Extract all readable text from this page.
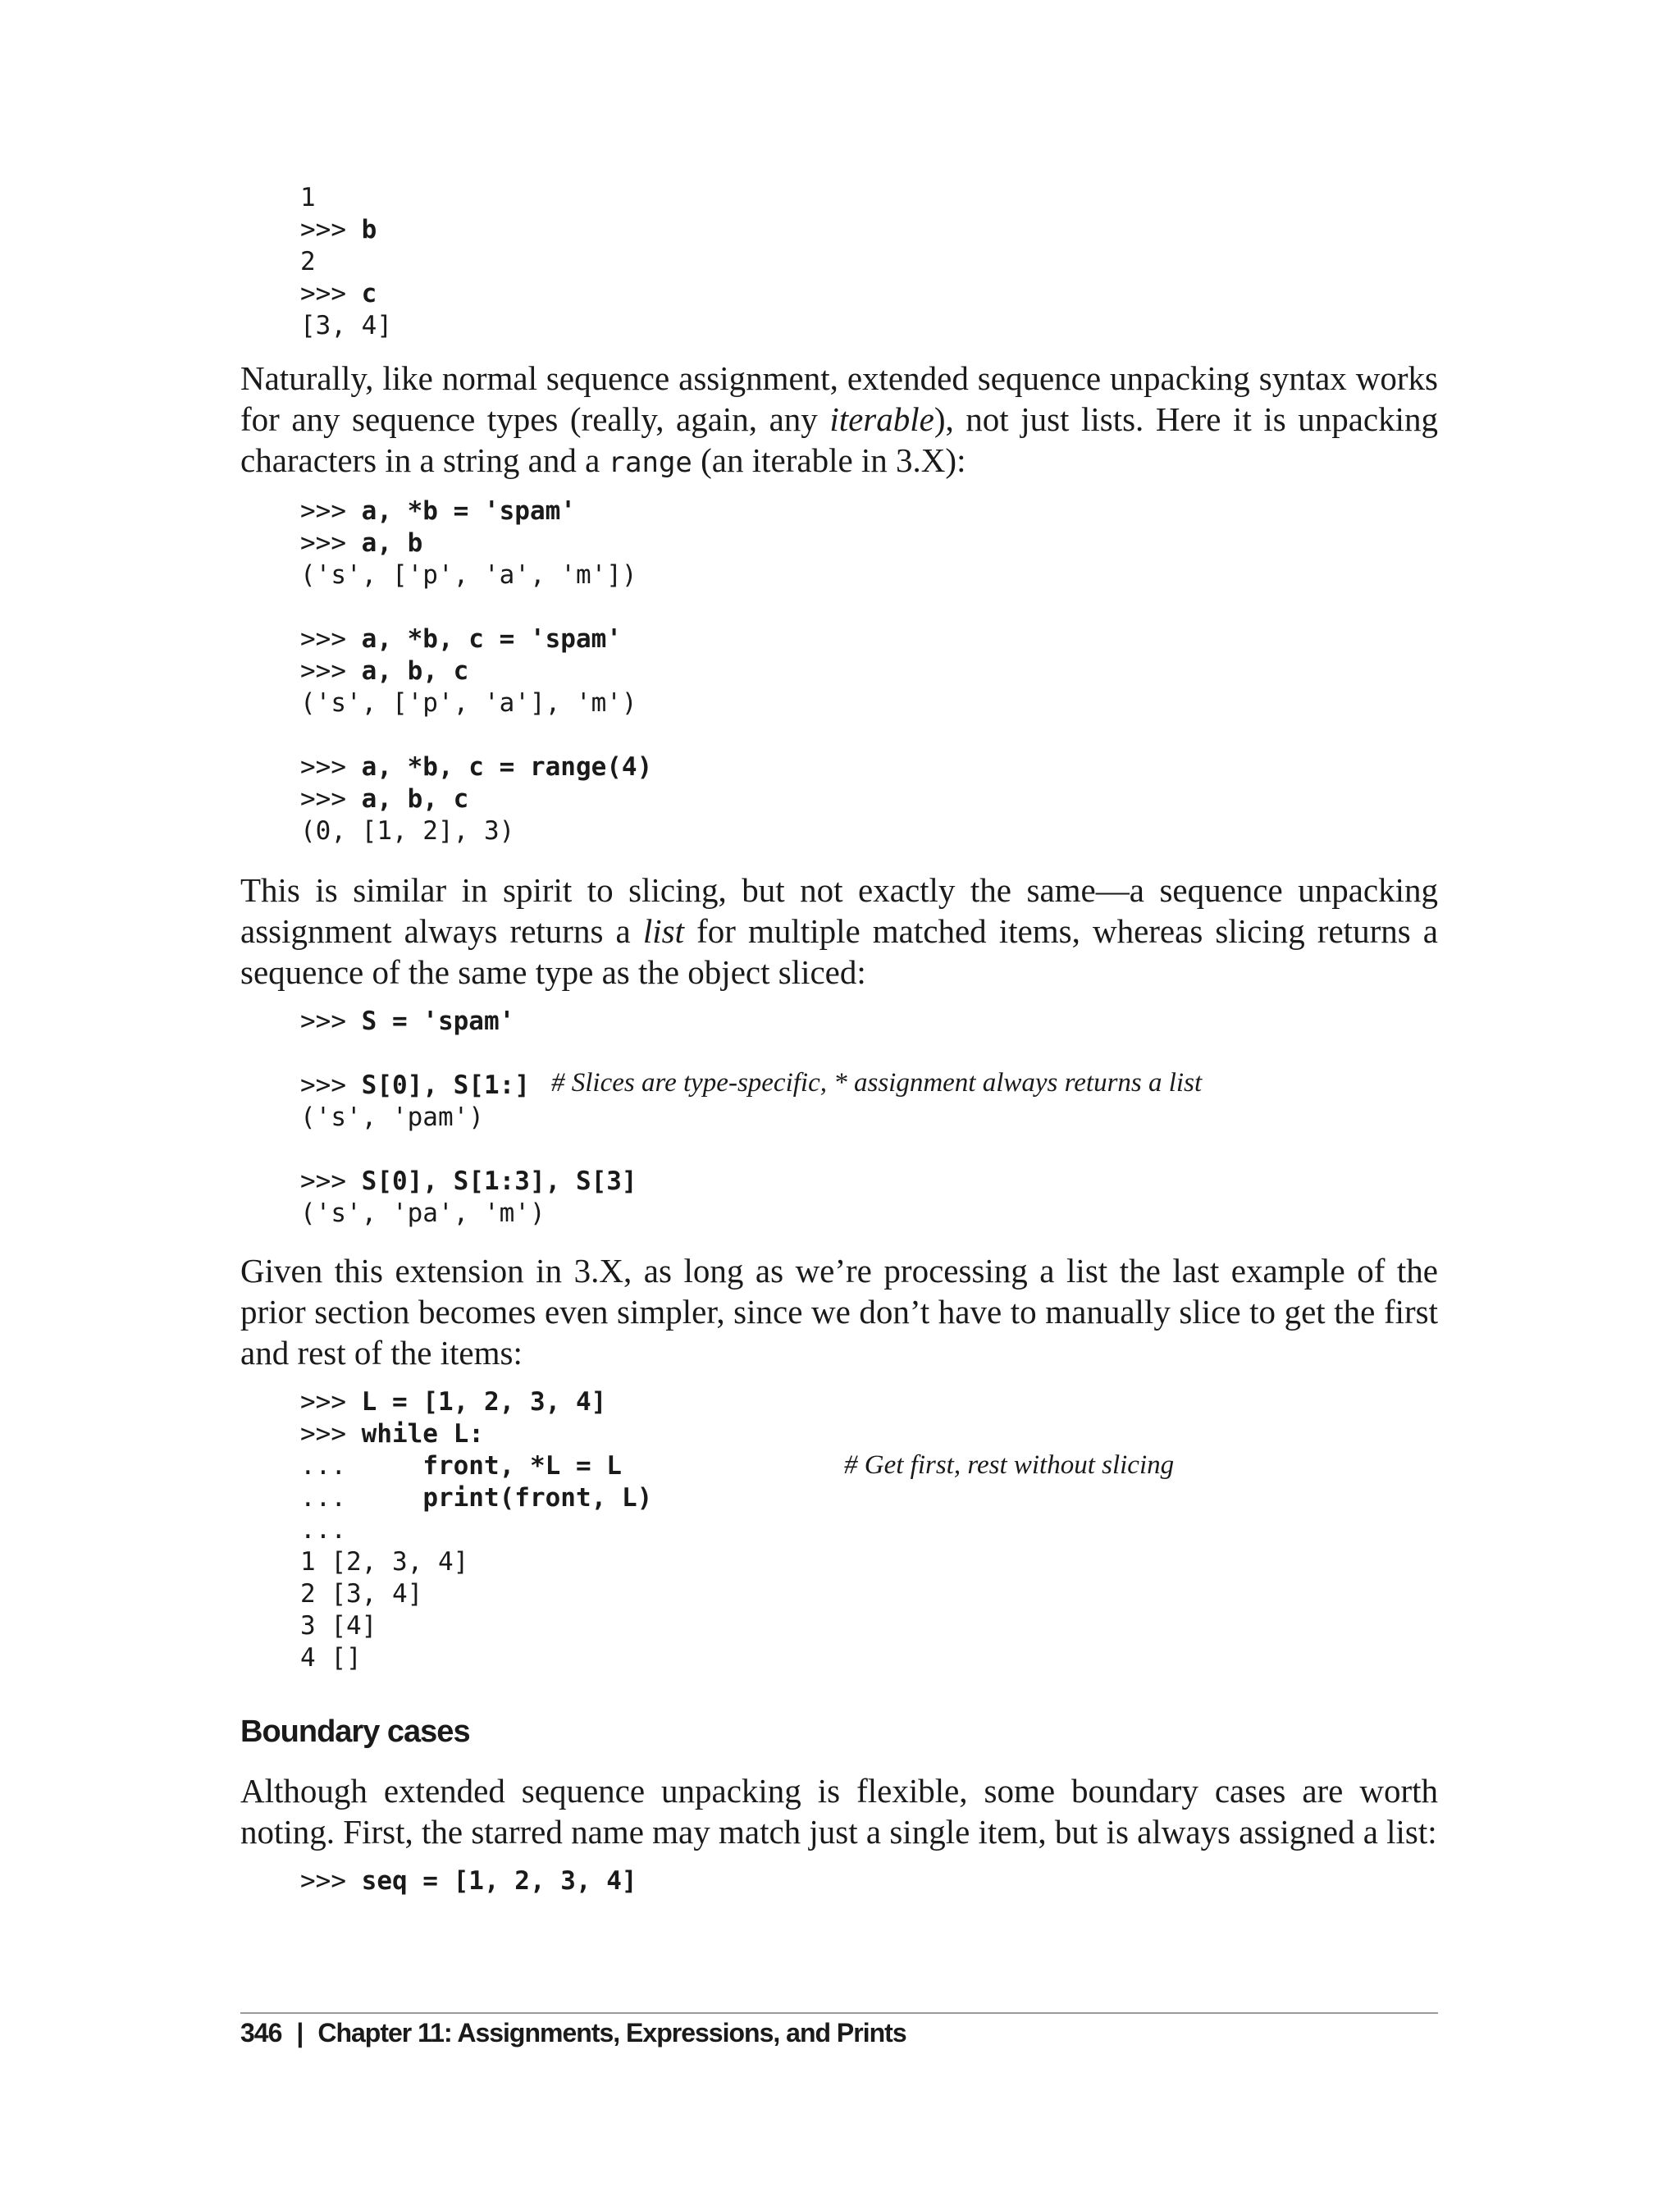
1
>>> b
2
>>> c
[3, 4]

Naturally, like normal sequence assignment, extended sequence unpacking syntax works for any sequence types (really, again, any iterable), not just lists. Here it is unpacking characters in a string and a range (an iterable in 3.X):

>>> a, *b = 'spam'
>>> a, b
('s', ['p', 'a', 'm'])
>>> a, *b, c = 'spam'
>>> a, b, c
('s', ['p', 'a'], 'm')
>>> a, *b, c = range(4)
>>> a, b, c
(0, [1, 2], 3)

This is similar in spirit to slicing, but not exactly the same—a sequence unpacking assignment always returns a list for multiple matched items, whereas slicing returns a sequence of the same type as the object sliced:

>>> S = 'spam'
>>> S[0], S[1:]
('s', 'pam')
>>> S[0], S[1:3], S[3]
('s', 'pa', 'm')
# Slices are type-specific, * assignment always returns a list

Given this extension in 3.X, as long as we’re processing a list the last example of the prior section becomes even simpler, since we don’t have to manually slice to get the first and rest of the items:

>>> L = [1, 2, 3, 4]
>>> while L:
...     front, *L = L
...     print(front, L)
...
1 [2, 3, 4]
2 [3, 4]
3 [4]
4 []
# Get first, rest without slicing
Boundary cases

Although extended sequence unpacking is flexible, some boundary cases are worth noting. First, the starred name may match just a single item, but is always assigned a list:

>>> seq = [1, 2, 3, 4]
346 | Chapter 11: Assignments, Expressions, and Prints
